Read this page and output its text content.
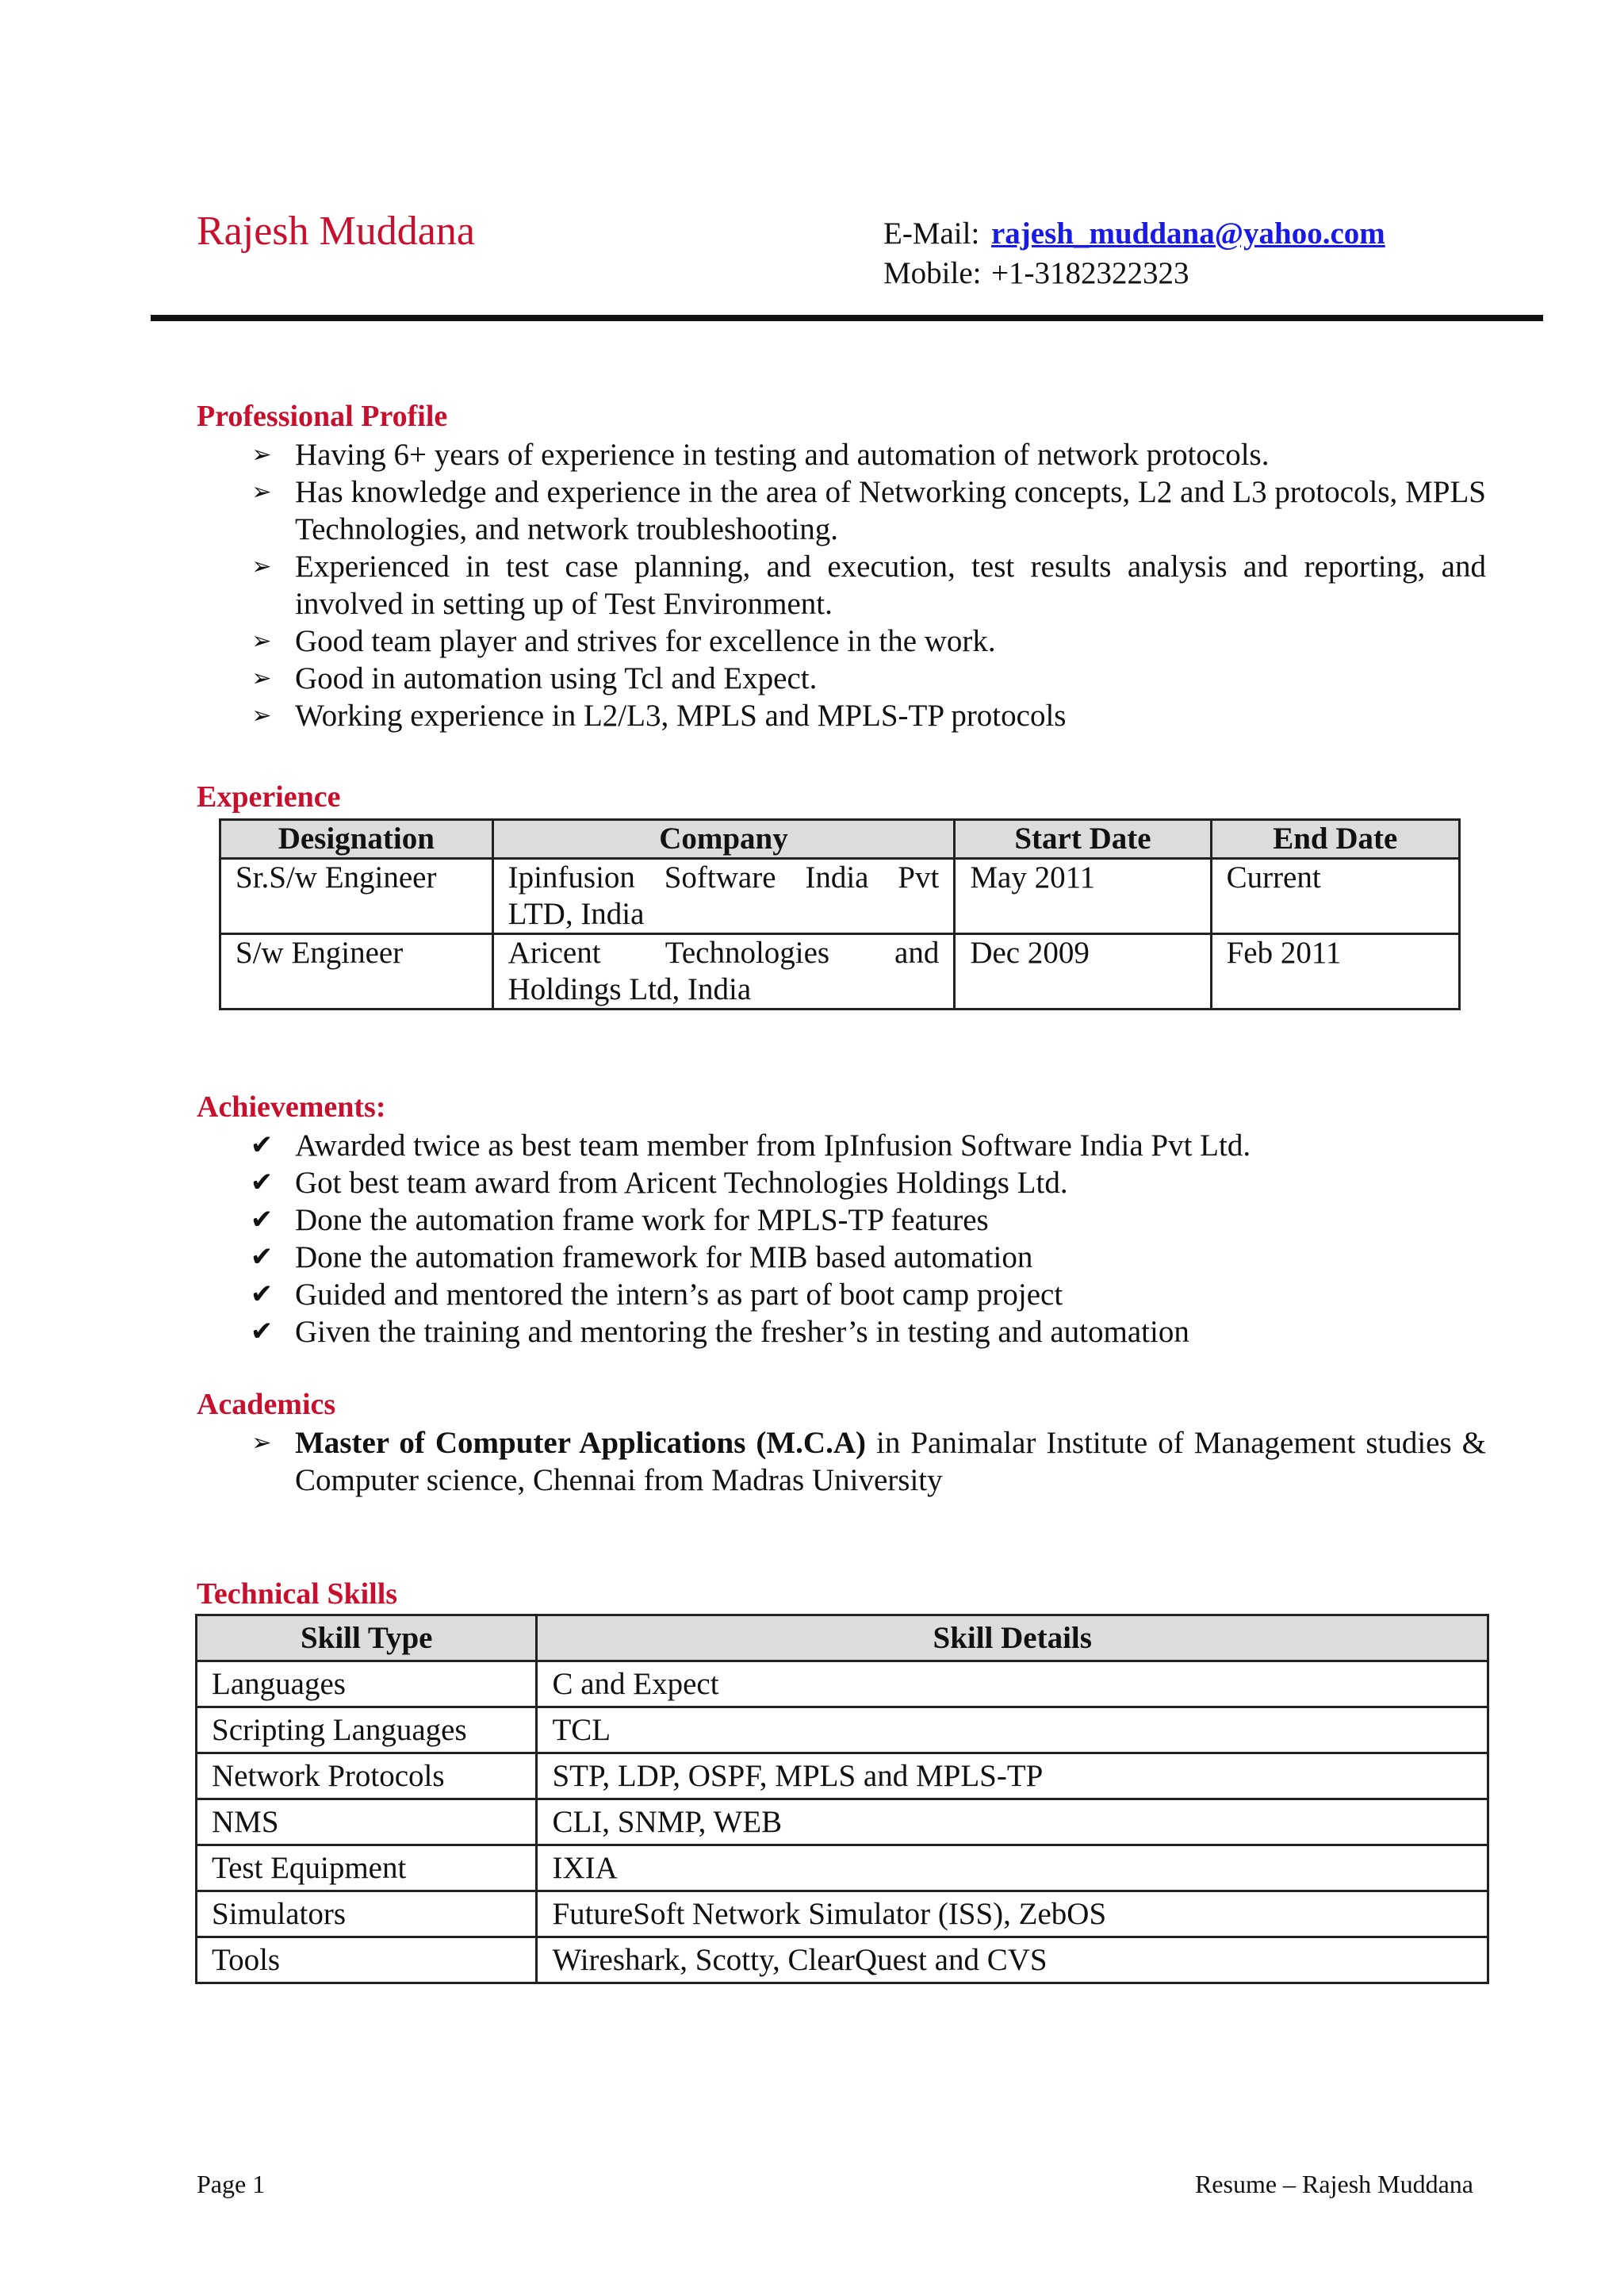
Rajesh Muddana	E-Mail: rajesh_muddana@yahoo.com
Mobile: +1-3182322323
Professional Profile
➢ Having 6+ years of experience in testing and automation of network protocols.
➢ Has knowledge and experience in the area of Networking concepts, L2 and L3 protocols, MPLS Technologies, and network troubleshooting.
➢ Experienced in test case planning, and execution, test results analysis and reporting, and involved in setting up of Test Environment.
➢ Good team player and strives for excellence in the work.
➢ Good in automation using Tcl and Expect.
➢ Working experience in L2/L3, MPLS and MPLS-TP protocols
Experience
Designation	Company	Start Date	End Date
Sr.S/w Engineer	Ipinfusion Software India Pvt LTD, India	May 2011	Current
S/w Engineer	Aricent Technologies and Holdings Ltd, India	Dec 2009	Feb 2011
Achievements:
✔ Awarded twice as best team member from IpInfusion Software India Pvt Ltd.
✔ Got best team award from Aricent Technologies Holdings Ltd.
✔ Done the automation frame work for MPLS-TP features
✔ Done the automation framework for MIB based automation
✔ Guided and mentored the intern’s as part of boot camp project
✔ Given the training and mentoring the fresher’s in testing and automation
Academics
➢ Master of Computer Applications (M.C.A) in Panimalar Institute of Management studies & Computer science, Chennai from Madras University
Technical Skills
Skill Type	Skill Details
Languages	C and Expect
Scripting Languages	TCL
Network Protocols	STP, LDP, OSPF, MPLS and MPLS-TP
NMS	CLI, SNMP, WEB
Test Equipment	IXIA
Simulators	FutureSoft Network Simulator (ISS), ZebOS
Tools	Wireshark, Scotty, ClearQuest and CVS
Page 1	Resume – Rajesh Muddana
